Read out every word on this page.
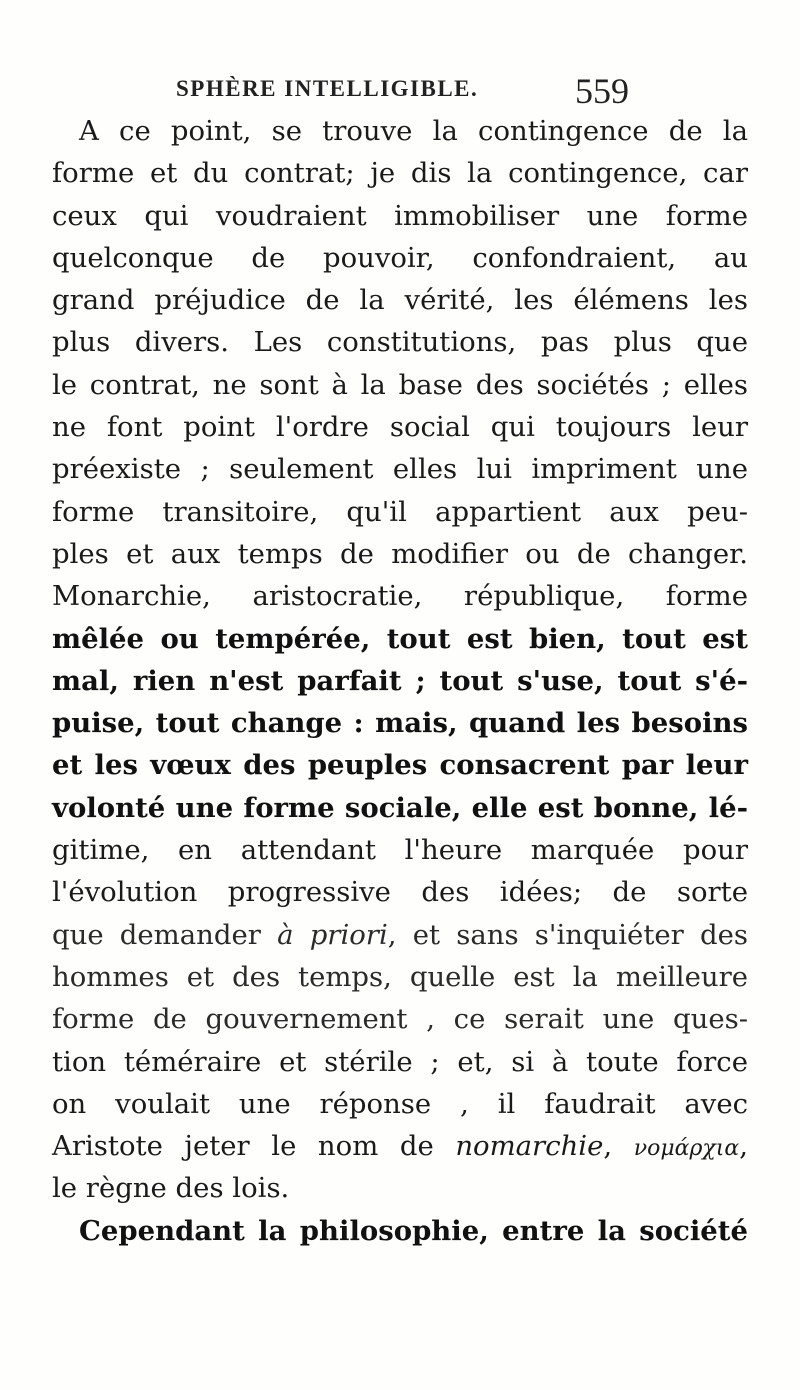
SPHÈRE INTELLIGIBLE.	559
A ce point, se trouve la contingence de la
forme et du contrat; je dis la contingence, car
ceux qui voudraient immobiliser une forme
quelconque de pouvoir, confondraient, au
grand préjudice de la vérité, les élémens les
plus divers. Les constitutions, pas plus que
le contrat, ne sont à la base des sociétés ; elles
ne font point l'ordre social qui toujours leur
préexiste ; seulement elles lui impriment une
forme transitoire, qu'il appartient aux peu-
ples et aux temps de modifier ou de changer.
Monarchie, aristocratie, république, forme
mêlée ou tempérée, tout est bien, tout est
mal, rien n'est parfait ; tout s'use, tout s'é-
puise, tout change : mais, quand les besoins
et les vœux des peuples consacrent par leur
volonté une forme sociale, elle est bonne, lé-
gitime, en attendant l'heure marquée pour
l'évolution progressive des idées; de sorte
que demander à priori, et sans s'inquiéter des
hommes et des temps, quelle est la meilleure
forme de gouvernement , ce serait une ques-
tion téméraire et stérile ; et, si à toute force
on voulait une réponse , il faudrait avec
Aristote jeter le nom de nomarchie, νομάρχια,
le règne des lois.
Cependant la philosophie, entre la société
